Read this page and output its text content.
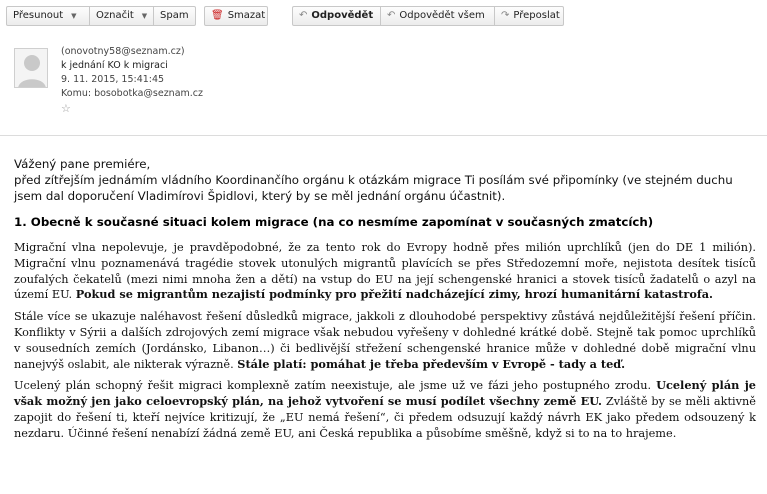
Přesunout ▼ Označit ▼ Spam 🗑 Smazat	↶ Odpovědět ↶ Odpovědět všem ↷ Přeposlat
(onovotny58@seznam.cz)
k jednání KO k migraci
9. 11. 2015, 15:41:45
Komu: bosobotka@seznam.cz
☆
Vážený pane premiére,
před zítřejším jednámím vládního Koordinančího orgánu k otázkám migrace Ti posílám své připomínky (ve stejném duchu jsem dal doporučení Vladimírovi Špidlovi, který by se měl jednání orgánu účastnit).
1. Obecně k současné situaci kolem migrace (na co nesmíme zapomínat v současných zmatcích)
Migrační vlna nepolevuje, je pravděpodobné, že za tento rok do Evropy hodně přes milión uprchlíků (jen do DE 1 milión). Migrační vlnu poznamenává tragédie stovek utonulých migrantů plavících se přes Středozemní moře, nejistota desítek tisíců zoufalých čekatelů (mezi nimi mnoha žen a dětí) na vstup do EU na její schengenské hranici a stovek tisíců žadatelů o azyl na území EU. Pokud se migrantům nezajistí podmínky pro přežití nadcházející zimy, hrozí humanitární katastrofa.
Stále více se ukazuje naléhavost řešení důsledků migrace, jakkoli z dlouhodobé perspektivy zůstává nejdůležitější řešení příčin. Konflikty v Sýrii a dalších zdrojových zemí migrace však nebudou vyřešeny v dohledné krátké době. Stejně tak pomoc uprchlíků v sousedních zemích (Jordánsko, Libanon…) či bedlivější střežení schengenské hranice může v dohledné době migrační vlnu nanejvýš oslabit, ale nikterak výrazně. Stále platí: pomáhat je třeba především v Evropě - tady a teď.
Ucelený plán schopný řešit migraci komplexně zatím neexistuje, ale jsme už ve fázi jeho postupného zrodu. Ucelený plán je však možný jen jako celoevropský plán, na jehož vytvoření se musí podílet všechny země EU. Zvláště by se měli aktivně zapojit do řešení ti, kteří nejvíce kritizují, že „EU nemá řešení“, či předem odsuzují každý návrh EK jako předem odsouzený k nezdaru. Účinné řešení nenabízí žádná země EU, ani Česká republika a působíme směšně, když si to na to hrajeme.
